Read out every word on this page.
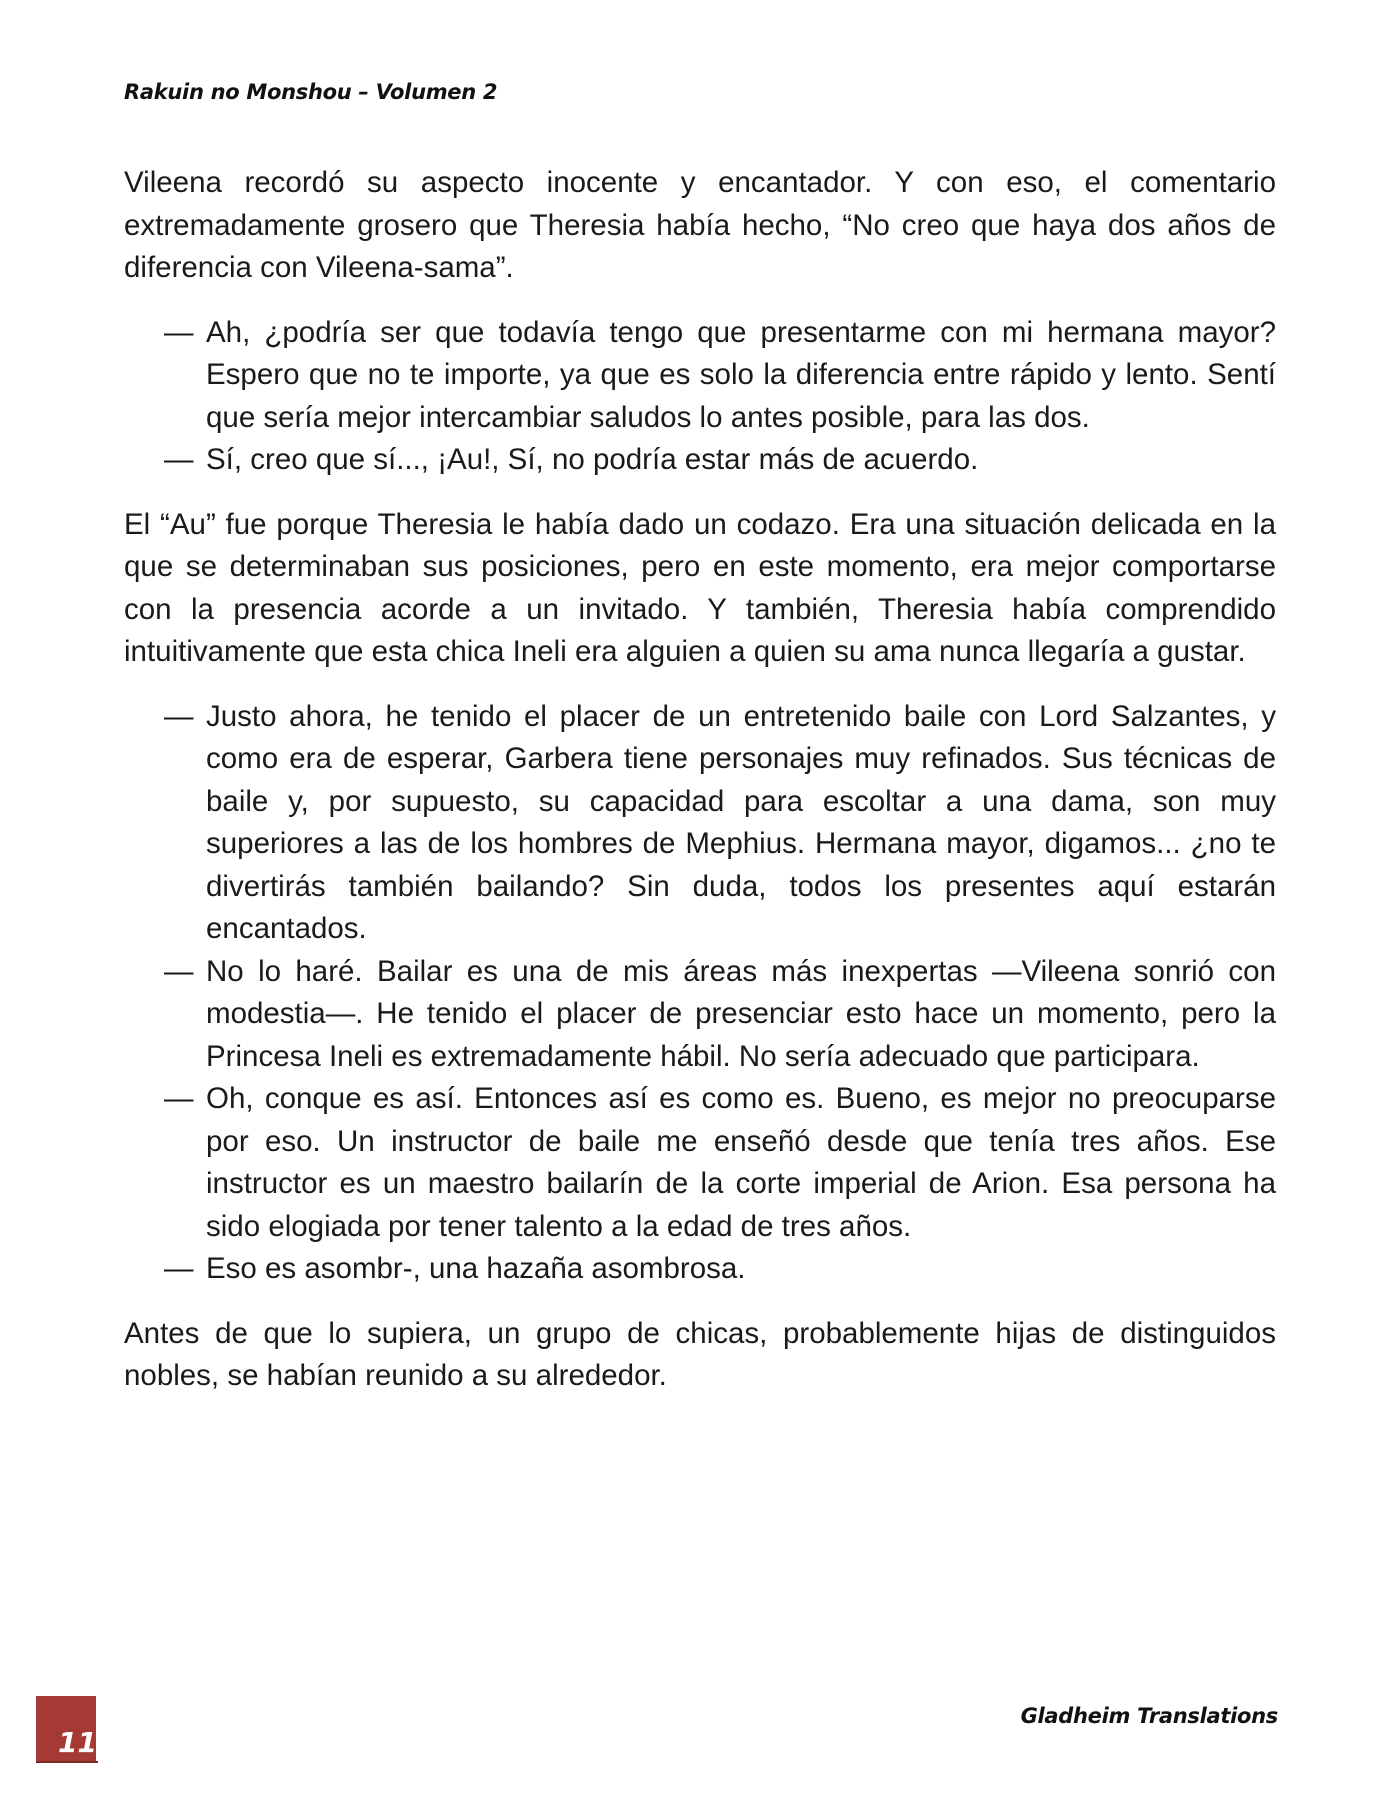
Rakuin no Monshou – Volumen 2

Vileena recordó su aspecto inocente y encantador. Y con eso, el comentario extremadamente grosero que Theresia había hecho, “No creo que haya dos años de diferencia con Vileena-sama”.

— Ah, ¿podría ser que todavía tengo que presentarme con mi hermana mayor? Espero que no te importe, ya que es solo la diferencia entre rápido y lento. Sentí que sería mejor intercambiar saludos lo antes posible, para las dos.

— Sí, creo que sí..., ¡Au!, Sí, no podría estar más de acuerdo.

El “Au” fue porque Theresia le había dado un codazo. Era una situación delicada en la que se determinaban sus posiciones, pero en este momento, era mejor comportarse con la presencia acorde a un invitado. Y también, Theresia había comprendido intuitivamente que esta chica Ineli era alguien a quien su ama nunca llegaría a gustar.

— Justo ahora, he tenido el placer de un entretenido baile con Lord Salzantes, y como era de esperar, Garbera tiene personajes muy refinados. Sus técnicas de baile y, por supuesto, su capacidad para escoltar a una dama, son muy superiores a las de los hombres de Mephius. Hermana mayor, digamos... ¿no te divertirás también bailando? Sin duda, todos los presentes aquí estarán encantados.

— No lo haré. Bailar es una de mis áreas más inexpertas —Vileena sonrió con modestia—. He tenido el placer de presenciar esto hace un momento, pero la Princesa Ineli es extremadamente hábil. No sería adecuado que participara.

— Oh, conque es así. Entonces así es como es. Bueno, es mejor no preocuparse por eso. Un instructor de baile me enseñó desde que tenía tres años. Ese instructor es un maestro bailarín de la corte imperial de Arion. Esa persona ha sido elogiada por tener talento a la edad de tres años.

— Eso es asombr-, una hazaña asombrosa.

Antes de que lo supiera, un grupo de chicas, probablemente hijas de distinguidos nobles, se habían reunido a su alrededor.

11
Gladheim Translations
